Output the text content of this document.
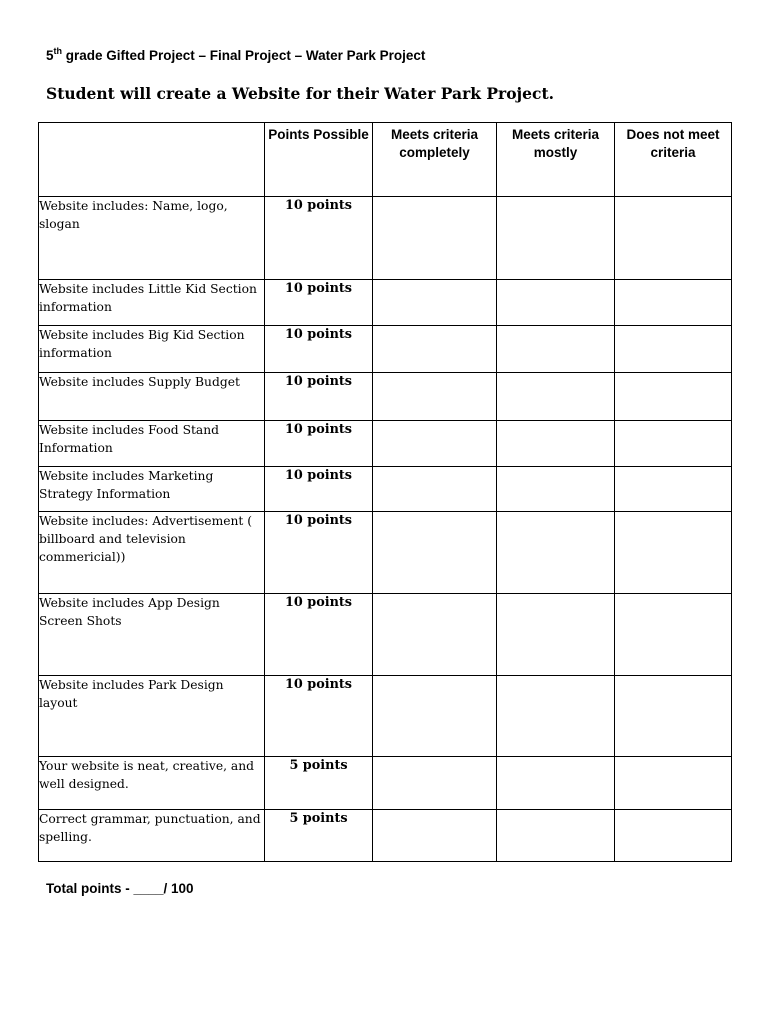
5th grade Gifted Project – Final Project – Water Park Project
Student will create a Website for their Water Park Project.
	Points Possible	Meets criteria completely	Meets criteria mostly	Does not meet criteria
Website includes: Name, logo, slogan	10 points			
Website includes Little Kid Section information	10 points			
Website includes Big Kid Section information	10 points			
Website includes Supply Budget	10 points			
Website includes Food Stand Information	10 points			
Website includes Marketing Strategy Information	10 points			
Website includes: Advertisement ( billboard and television commericial))	10 points			
Website includes App Design Screen Shots	10 points			
Website includes Park Design layout	10 points			
Your website is neat, creative, and well designed.	5 points			
Correct grammar, punctuation, and spelling.	5 points			
Total points - ____/ 100
